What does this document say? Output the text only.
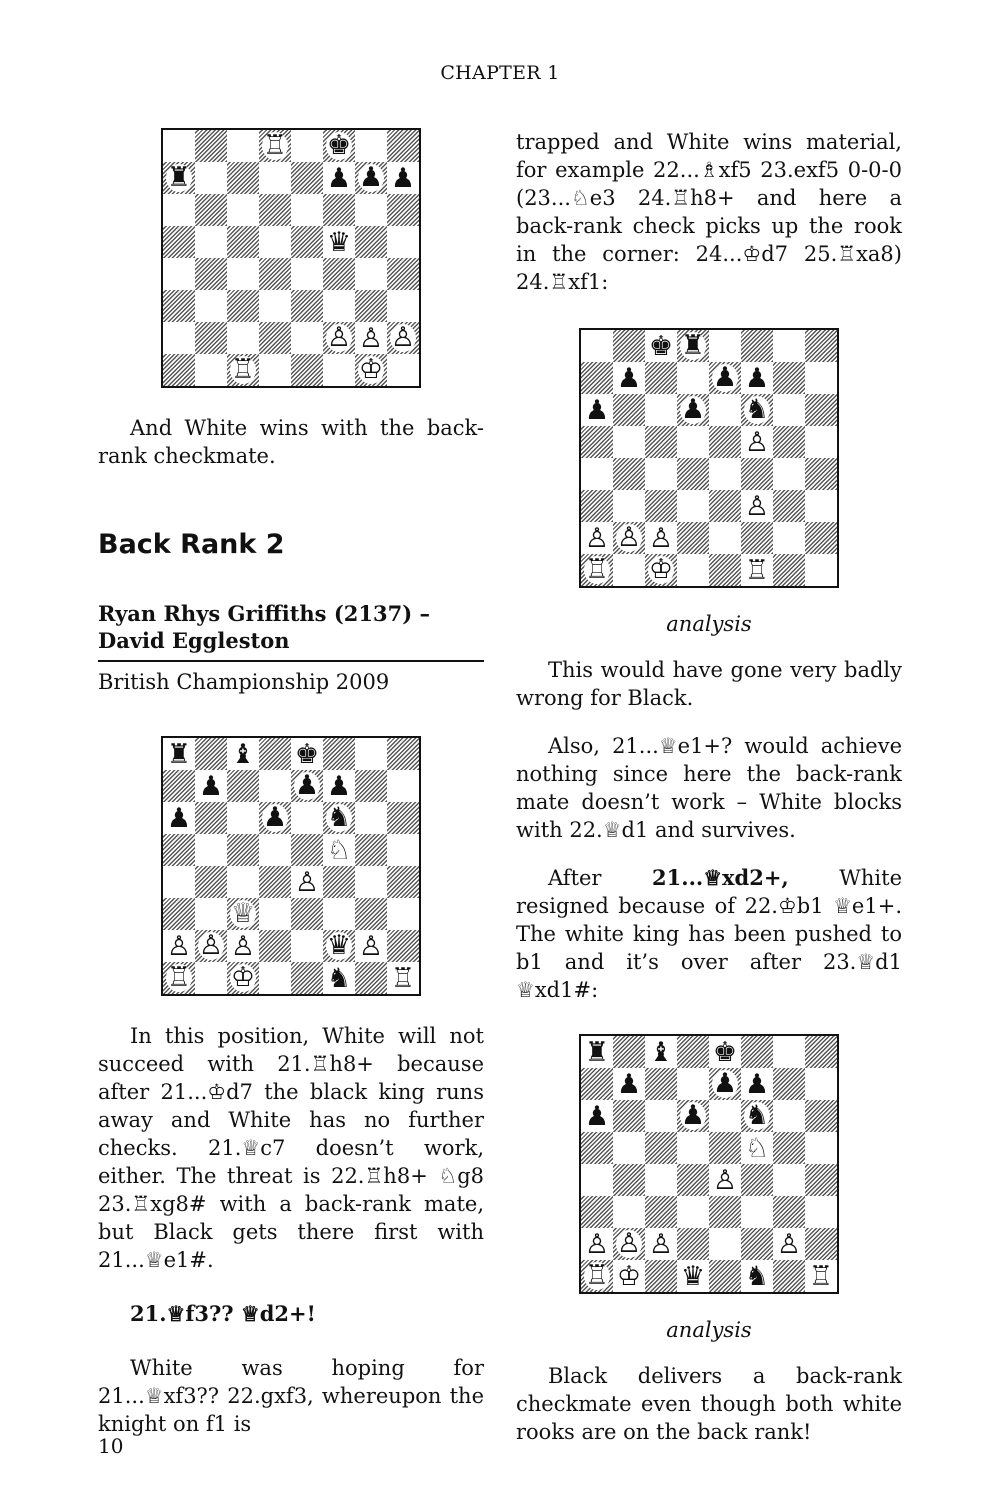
CHAPTER 1
♖ ♚
♜	♟ ♟ ♟
♛
♙ ♙ ♙
♖	♔

And White wins with the back-rank checkmate.

Back Rank 2
Ryan Rhys Griffiths (2137) – David Eggleston
British Championship 2009
♜ ♝ ♚
♟	♟ ♟
♟	♟ ♞
♘
♙
♕
♙ ♙ ♙	♛ ♙
♖ ♔	♞ ♖

In this position, White will not succeed with 21.♖h8+ because after 21...♔d7 the black king runs away and White has no further checks. 21.♕c7 doesn’t work, either. The threat is 22.♖h8+ ♘g8 23.♖xg8# with a back-rank mate, but Black gets there first with 21...♕e1#.

21.♕f3?? ♕d2+!

White was hoping for 21...♕xf3?? 22.gxf3, whereupon the knight on f1 is

trapped and White wins material, for example 22...♗xf5 23.exf5 0-0-0 (23...♘e3 24.♖h8+ and here a back-rank check picks up the rook in the corner: 24...♔d7 25.♖xa8) 24.♖xf1:

♚ ♜
♟	♟ ♟
♟	♟ ♞
♙
♙
♙ ♙ ♙
♖ ♔	♖
analysis

This would have gone very badly wrong for Black.

Also, 21...♕e1+? would achieve nothing since here the back-rank mate doesn’t work – White blocks with 22.♕d1 and survives.

After 21...♕xd2+, White resigned because of 22.♔b1 ♕e1+. The white king has been pushed to b1 and it’s over after 23.♕d1 ♕xd1#:

♜ ♝ ♚
♟	♟ ♟
♟	♟ ♞
♘
♙
♙ ♙ ♙	♙
♖ ♔ ♛ ♞ ♖
analysis

Black delivers a back-rank checkmate even though both white rooks are on the back rank!

10
